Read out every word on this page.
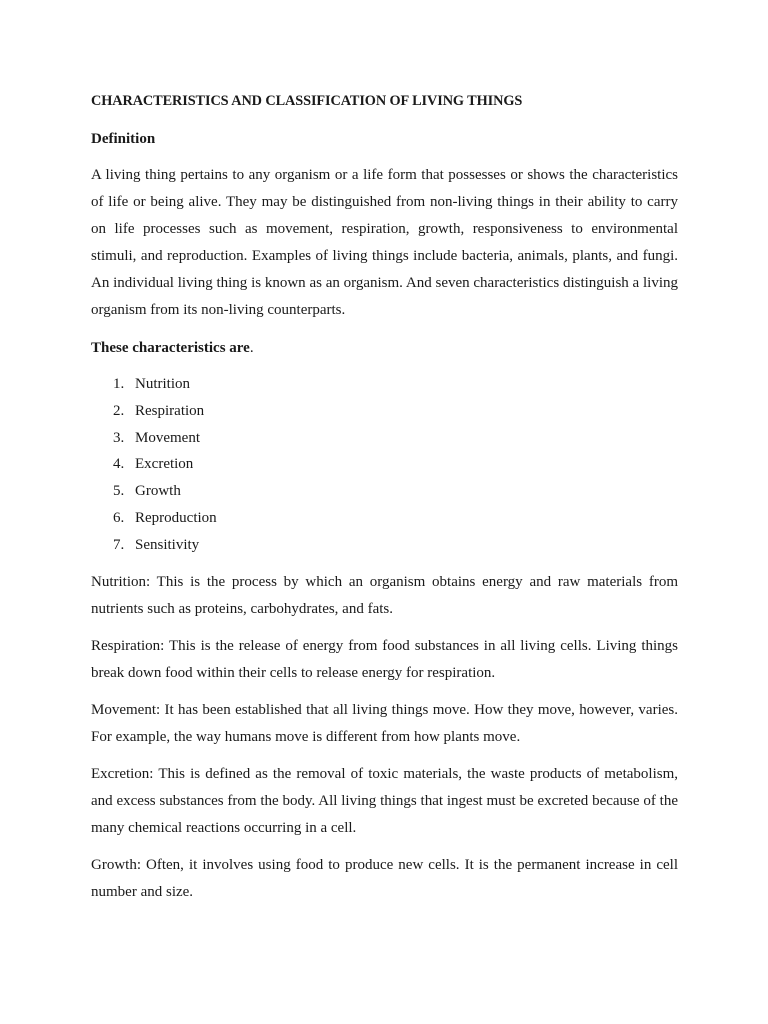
CHARACTERISTICS AND CLASSIFICATION OF LIVING THINGS
Definition

A living thing pertains to any organism or a life form that possesses or shows the characteristics of life or being alive. They may be distinguished from non-living things in their ability to carry on life processes such as movement, respiration, growth, responsiveness to environmental stimuli, and reproduction. Examples of living things include bacteria, animals, plants, and fungi. An individual living thing is known as an organism. And seven characteristics distinguish a living organism from its non-living counterparts.

These characteristics are.
1. Nutrition
2. Respiration
3. Movement
4. Excretion
5. Growth
6. Reproduction
7. Sensitivity

Nutrition: This is the process by which an organism obtains energy and raw materials from nutrients such as proteins, carbohydrates, and fats.

Respiration: This is the release of energy from food substances in all living cells. Living things break down food within their cells to release energy for respiration.

Movement: It has been established that all living things move. How they move, however, varies. For example, the way humans move is different from how plants move.

Excretion: This is defined as the removal of toxic materials, the waste products of metabolism, and excess substances from the body. All living things that ingest must be excreted because of the many chemical reactions occurring in a cell.

Growth: Often, it involves using food to produce new cells. It is the permanent increase in cell number and size.
